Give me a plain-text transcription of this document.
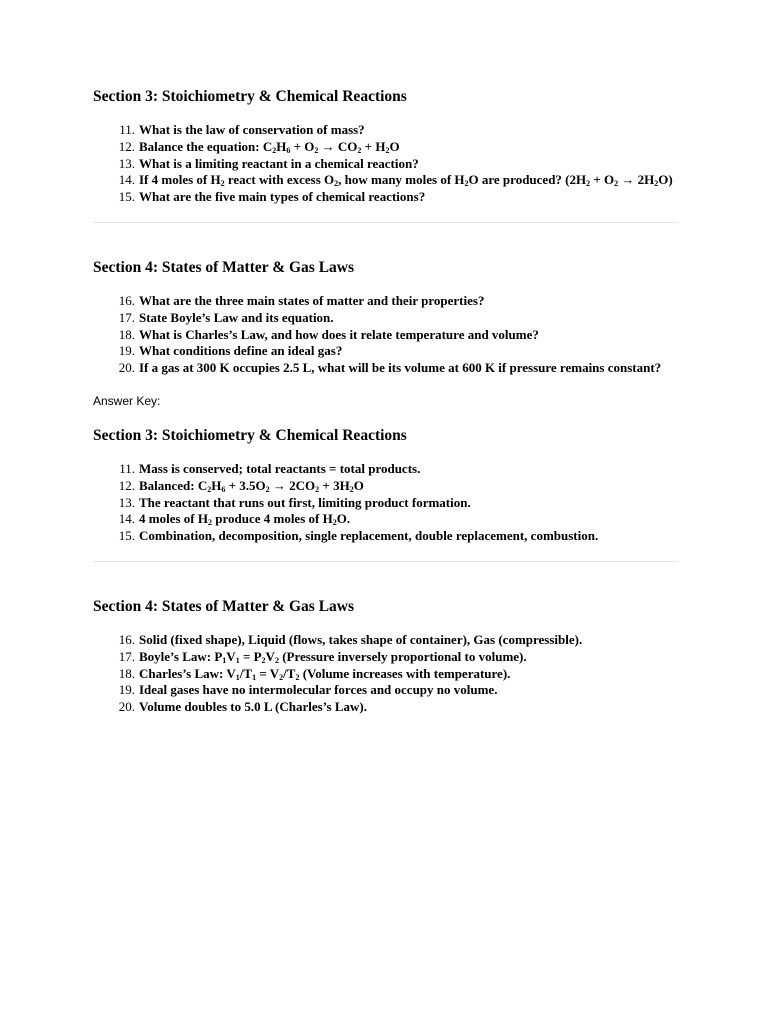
Section 3: Stoichiometry & Chemical Reactions
11. What is the law of conservation of mass?
12. Balance the equation: $C_2H_6 + O_2 \to CO_2 + H_2O$
13. What is a limiting reactant in a chemical reaction?
14. If 4 moles of $H_2$ react with excess $O_2$, how many moles of $H_2O$ are produced? $(2H_2 + O_2 \to 2H_2O)$
15. What are the five main types of chemical reactions?
Section 4: States of Matter & Gas Laws
16. What are the three main states of matter and their properties?
17. State Boyle’s Law and its equation.
18. What is Charles’s Law, and how does it relate temperature and volume?
19. What conditions define an ideal gas?
20. If a gas at 300 K occupies 2.5 L, what will be its volume at 600 K if pressure remains constant?
Answer Key:
Section 3: Stoichiometry & Chemical Reactions
11. Mass is conserved; total reactants = total products.
12. Balanced: $C_2H_6 + 3.5O_2 \to 2CO_2 + 3H_2O$
13. The reactant that runs out first, limiting product formation.
14. 4 moles of $H_2$ produce 4 moles of $H_2O$.
15. Combination, decomposition, single replacement, double replacement, combustion.
Section 4: States of Matter & Gas Laws
16. Solid (fixed shape), Liquid (flows, takes shape of container), Gas (compressible).
17. Boyle’s Law: $P_1V_1 = P_2V_2$ (Pressure inversely proportional to volume).
18. Charles’s Law: $V_1/T_1 = V_2/T_2$ (Volume increases with temperature).
19. Ideal gases have no intermolecular forces and occupy no volume.
20. Volume doubles to 5.0 L (Charles’s Law).
